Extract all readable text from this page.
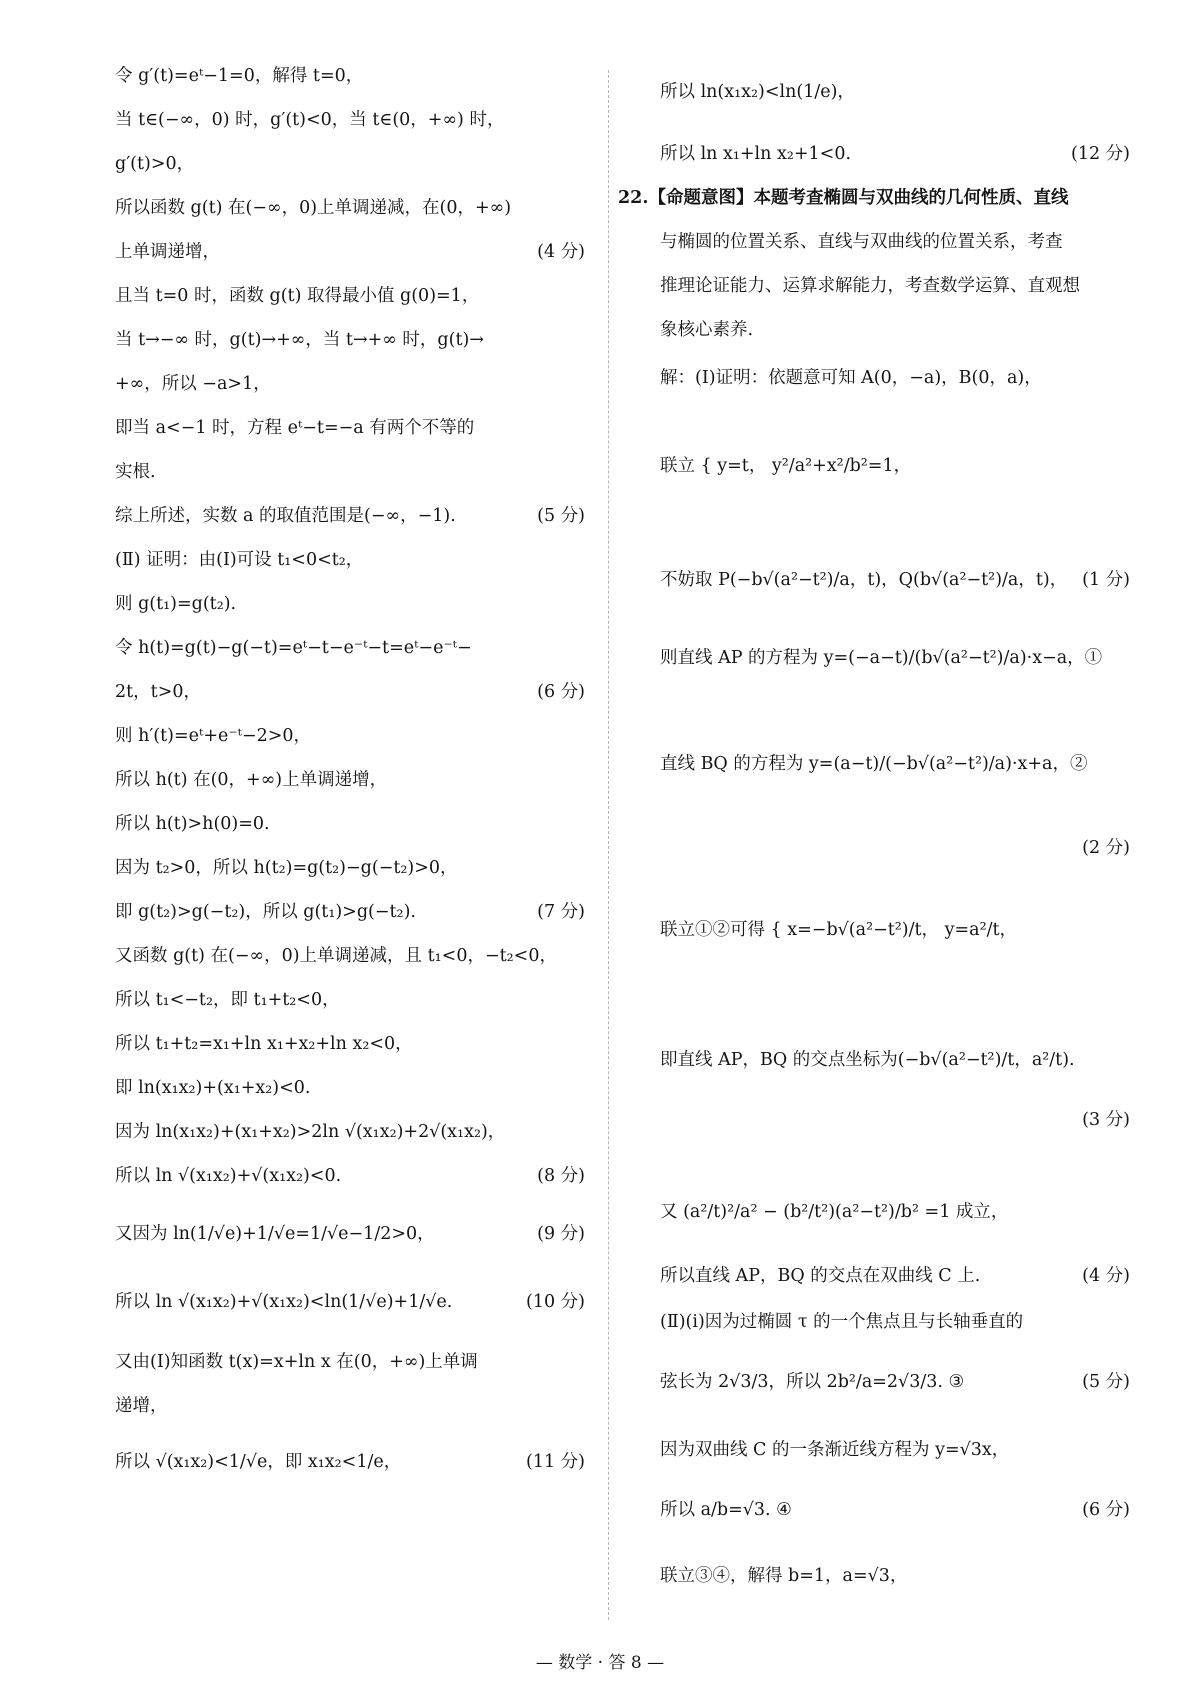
令 g′(t)=eᵗ−1=0，解得 t=0，
当 t∈(−∞，0) 时，g′(t)<0，当 t∈(0，+∞) 时，
g′(t)>0，
所以函数 g(t) 在(−∞，0)上单调递减，在(0，+∞)
上单调递增，	(4 分)
且当 t=0 时，函数 g(t) 取得最小值 g(0)=1，
当 t→−∞ 时，g(t)→+∞，当 t→+∞ 时，g(t)→
+∞，所以 −a>1，
即当 a<−1 时，方程 eᵗ−t=−a 有两个不等的
实根.
综上所述，实数 a 的取值范围是(−∞，−1).	(5 分)
(Ⅱ) 证明：由(Ⅰ)可设 t₁<0<t₂，
则 g(t₁)=g(t₂).
令 h(t)=g(t)−g(−t)=eᵗ−t−e⁻ᵗ−t=eᵗ−e⁻ᵗ−
2t，t>0，	(6 分)
则 h′(t)=eᵗ+e⁻ᵗ−2>0，
所以 h(t) 在(0，+∞)上单调递增，
所以 h(t)>h(0)=0.
因为 t₂>0，所以 h(t₂)=g(t₂)−g(−t₂)>0，
即 g(t₂)>g(−t₂)，所以 g(t₁)>g(−t₂).	(7 分)
又函数 g(t) 在(−∞，0)上单调递减，且 t₁<0，−t₂<0，
所以 t₁<−t₂，即 t₁+t₂<0，
所以 t₁+t₂=x₁+ln x₁+x₂+ln x₂<0，
即 ln(x₁x₂)+(x₁+x₂)<0.
因为 ln(x₁x₂)+(x₁+x₂)>2ln √(x₁x₂)+2√(x₁x₂)，
所以 ln √(x₁x₂)+√(x₁x₂)<0.	(8 分)
又因为 ln(1/√e)+1/√e=1/√e−1/2>0，	(9 分)
所以 ln √(x₁x₂)+√(x₁x₂)<ln(1/√e)+1/√e.	(10 分)
又由(Ⅰ)知函数 t(x)=x+ln x 在(0，+∞)上单调
递增，
所以 √(x₁x₂)<1/√e，即 x₁x₂<1/e，	(11 分)
所以 ln(x₁x₂)<ln(1/e)，
所以 ln x₁+ln x₂+1<0.	(12 分)
22.【命题意图】本题考查椭圆与双曲线的几何性质、直线
与椭圆的位置关系、直线与双曲线的位置关系，考查
推理论证能力、运算求解能力，考查数学运算、直观想
象核心素养.
解：(Ⅰ)证明：依题意可知 A(0，−a)，B(0，a)，
联立 { y=t， y²/a²+x²/b²=1，
不妨取 P(−b√(a²−t²)/a，t)，Q(b√(a²−t²)/a，t)， (1 分)
则直线 AP 的方程为 y=(−a−t)/(b√(a²−t²)/a)·x−a，①
直线 BQ 的方程为 y=(a−t)/(−b√(a²−t²)/a)·x+a，②
(2 分)
联立①②可得 { x=−b√(a²−t²)/t， y=a²/t，
即直线 AP，BQ 的交点坐标为(−b√(a²−t²)/t，a²/t).
(3 分)
又 (a²/t)²/a² − (b²/t²)(a²−t²)/b² =1 成立，
所以直线 AP，BQ 的交点在双曲线 C 上.	(4 分)
(Ⅱ)(ⅰ)因为过椭圆 τ 的一个焦点且与长轴垂直的
弦长为 2√3/3，所以 2b²/a=2√3/3. ③	(5 分)
因为双曲线 C 的一条渐近线方程为 y=√3x，
所以 a/b=√3. ④	(6 分)
联立③④，解得 b=1，a=√3，
— 数学 · 答 8 —
